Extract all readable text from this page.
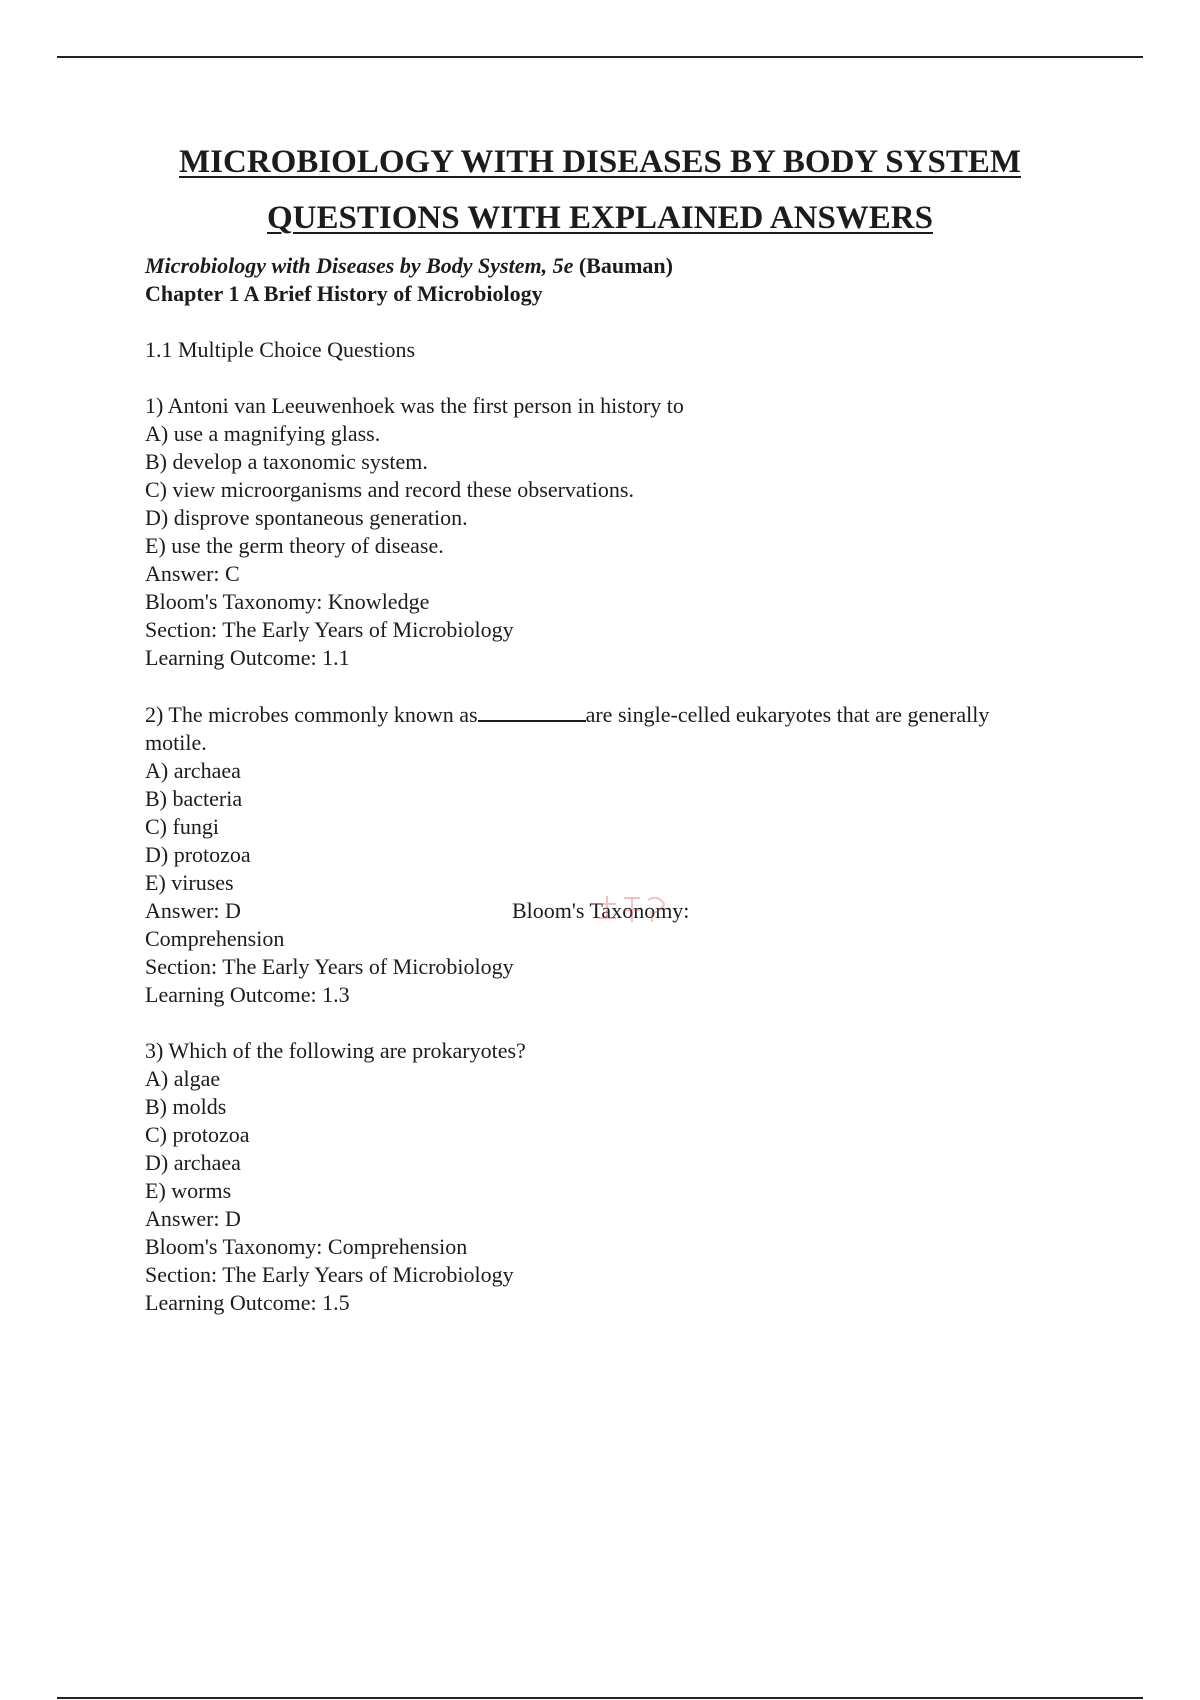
MICROBIOLOGY WITH DISEASES BY BODY SYSTEM
QUESTIONS WITH EXPLAINED ANSWERS

Microbiology with Diseases by Body System, 5e (Bauman)

Chapter 1 A Brief History of Microbiology

1.1 Multiple Choice Questions

1) Antoni van Leeuwenhoek was the first person in history to

A) use a magnifying glass.

B) develop a taxonomic system.

C) view microorganisms and record these observations.

D) disprove spontaneous generation.

E) use the germ theory of disease.

Answer: C

Bloom's Taxonomy: Knowledge

Section: The Early Years of Microbiology

Learning Outcome: 1.1

2) The microbes commonly known as	are single-celled eukaryotes that are generally

motile.

A) archaea

B) bacteria

C) fungi

D) protozoa

E) viruses

Answer: D	Bloom's Taxonomy:

Comprehension

Section: The Early Years of Microbiology

Learning Outcome: 1.3

3) Which of the following are prokaryotes?

A) algae

B) molds

C) protozoa

D) archaea

E) worms

Answer: D

Bloom's Taxonomy: Comprehension

Section: The Early Years of Microbiology

Learning Outcome: 1.5
